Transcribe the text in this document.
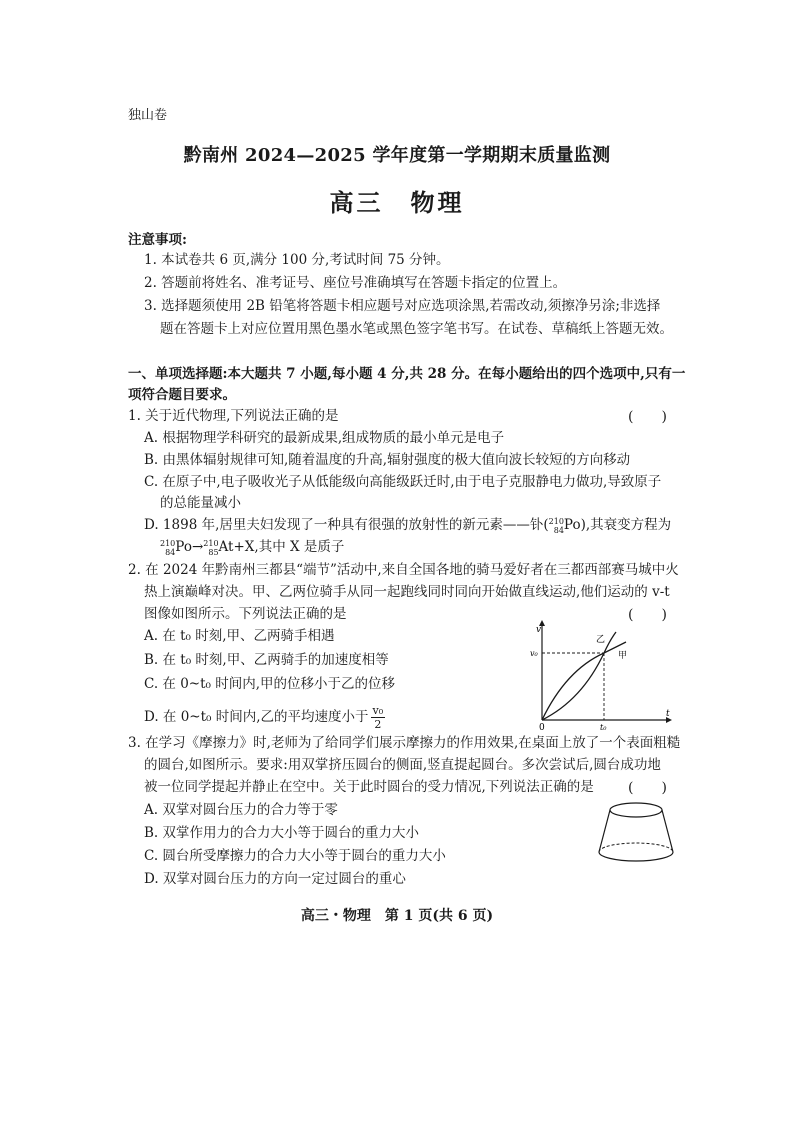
独山卷
黔南州 2024—2025 学年度第一学期期末质量监测
高三　物理
注意事项:
1. 本试卷共 6 页,满分 100 分,考试时间 75 分钟。
2. 答题前将姓名、准考证号、座位号准确填写在答题卡指定的位置上。
3. 选择题须使用 2B 铅笔将答题卡相应题号对应选项涂黑,若需改动,须擦净另涂;非选择
题在答题卡上对应位置用黑色墨水笔或黑色签字笔书写。在试卷、草稿纸上答题无效。
一、单项选择题:本大题共 7 小题,每小题 4 分,共 28 分。在每小题给出的四个选项中,只有一
项符合题目要求。
1. 关于近代物理,下列说法正确的是	(　　)
A. 根据物理学科研究的最新成果,组成物质的最小单元是电子
B. 由黑体辐射规律可知,随着温度的升高,辐射强度的极大值向波长较短的方向移动
C. 在原子中,电子吸收光子从低能级向高能级跃迁时,由于电子克服静电力做功,导致原子
的总能量减小
D. 1898 年,居里夫妇发现了一种具有很强的放射性的新元素——钋(210
84Po),其衰变方程为
210
84Po→210
85At+X,其中 X 是质子
2. 在 2024 年黔南州三都县“端节”活动中,来自全国各地的骑马爱好者在三都西部赛马城中火
热上演巅峰对决。甲、乙两位骑手从同一起跑线同时同向开始做直线运动,他们运动的 v-t
图像如图所示。下列说法正确的是	(　　)
A. 在 t₀ 时刻,甲、乙两骑手相遇
B. 在 t₀ 时刻,甲、乙两骑手的加速度相等
C. 在 0~t₀ 时间内,甲的位移小于乙的位移
D. 在 0~t₀ 时间内,乙的平均速度小于 $\frac{\text{v₀}}{2}$
v
t
0
v₀
t₀
乙
甲
3. 在学习《摩擦力》时,老师为了给同学们展示摩擦力的作用效果,在桌面上放了一个表面粗糙
的圆台,如图所示。要求:用双掌挤压圆台的侧面,竖直提起圆台。多次尝试后,圆台成功地
被一位同学提起并静止在空中。关于此时圆台的受力情况,下列说法正确的是 (　　)
A. 双掌对圆台压力的合力等于零
B. 双掌作用力的合力大小等于圆台的重力大小
C. 圆台所受摩擦力的合力大小等于圆台的重力大小
D. 双掌对圆台压力的方向一定过圆台的重心
高三・物理　第 1 页(共 6 页)
